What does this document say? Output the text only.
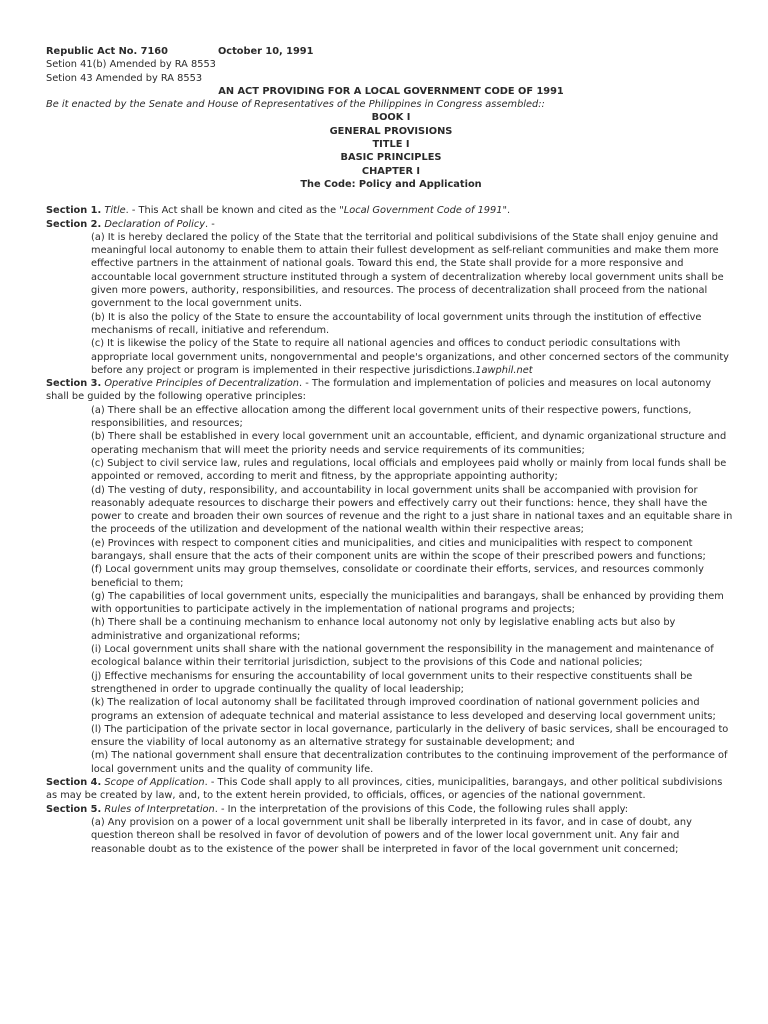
Republic Act No. 7160	October 10, 1991
Setion 41(b) Amended by RA 8553
Setion 43 Amended by RA 8553
AN ACT PROVIDING FOR A LOCAL GOVERNMENT CODE OF 1991
Be it enacted by the Senate and House of Representatives of the Philippines in Congress assembled::
BOOK I
GENERAL PROVISIONS
TITLE I
BASIC PRINCIPLES
CHAPTER I
The Code: Policy and Application
Section 1. Title. - This Act shall be known and cited as the "Local Government Code of 1991".
Section 2. Declaration of Policy. -
(a) It is hereby declared the policy of the State that the territorial and political subdivisions of the State shall enjoy genuine and meaningful local autonomy to enable them to attain their fullest development as self-reliant communities and make them more effective partners in the attainment of national goals. Toward this end, the State shall provide for a more responsive and accountable local government structure instituted through a system of decentralization whereby local government units shall be given more powers, authority, responsibilities, and resources. The process of decentralization shall proceed from the national government to the local government units.
(b) It is also the policy of the State to ensure the accountability of local government units through the institution of effective mechanisms of recall, initiative and referendum.
(c) It is likewise the policy of the State to require all national agencies and offices to conduct periodic consultations with appropriate local government units, nongovernmental and people's organizations, and other concerned sectors of the community before any project or program is implemented in their respective jurisdictions.1awphil.net
Section 3. Operative Principles of Decentralization. - The formulation and implementation of policies and measures on local autonomy shall be guided by the following operative principles:
(a) There shall be an effective allocation among the different local government units of their respective powers, functions, responsibilities, and resources;
(b) There shall be established in every local government unit an accountable, efficient, and dynamic organizational structure and operating mechanism that will meet the priority needs and service requirements of its communities;
(c) Subject to civil service law, rules and regulations, local officials and employees paid wholly or mainly from local funds shall be appointed or removed, according to merit and fitness, by the appropriate appointing authority;
(d) The vesting of duty, responsibility, and accountability in local government units shall be accompanied with provision for reasonably adequate resources to discharge their powers and effectively carry out their functions: hence, they shall have the power to create and broaden their own sources of revenue and the right to a just share in national taxes and an equitable share in the proceeds of the utilization and development of the national wealth within their respective areas;
(e) Provinces with respect to component cities and municipalities, and cities and municipalities with respect to component barangays, shall ensure that the acts of their component units are within the scope of their prescribed powers and functions;
(f) Local government units may group themselves, consolidate or coordinate their efforts, services, and resources commonly beneficial to them;
(g) The capabilities of local government units, especially the municipalities and barangays, shall be enhanced by providing them with opportunities to participate actively in the implementation of national programs and projects;
(h) There shall be a continuing mechanism to enhance local autonomy not only by legislative enabling acts but also by administrative and organizational reforms;
(i) Local government units shall share with the national government the responsibility in the management and maintenance of ecological balance within their territorial jurisdiction, subject to the provisions of this Code and national policies;
(j) Effective mechanisms for ensuring the accountability of local government units to their respective constituents shall be strengthened in order to upgrade continually the quality of local leadership;
(k) The realization of local autonomy shall be facilitated through improved coordination of national government policies and programs an extension of adequate technical and material assistance to less developed and deserving local government units;
(l) The participation of the private sector in local governance, particularly in the delivery of basic services, shall be encouraged to ensure the viability of local autonomy as an alternative strategy for sustainable development; and
(m) The national government shall ensure that decentralization contributes to the continuing improvement of the performance of local government units and the quality of community life.
Section 4. Scope of Application. - This Code shall apply to all provinces, cities, municipalities, barangays, and other political subdivisions as may be created by law, and, to the extent herein provided, to officials, offices, or agencies of the national government.
Section 5. Rules of Interpretation. - In the interpretation of the provisions of this Code, the following rules shall apply:
(a) Any provision on a power of a local government unit shall be liberally interpreted in its favor, and in case of doubt, any question thereon shall be resolved in favor of devolution of powers and of the lower local government unit. Any fair and reasonable doubt as to the existence of the power shall be interpreted in favor of the local government unit concerned;
